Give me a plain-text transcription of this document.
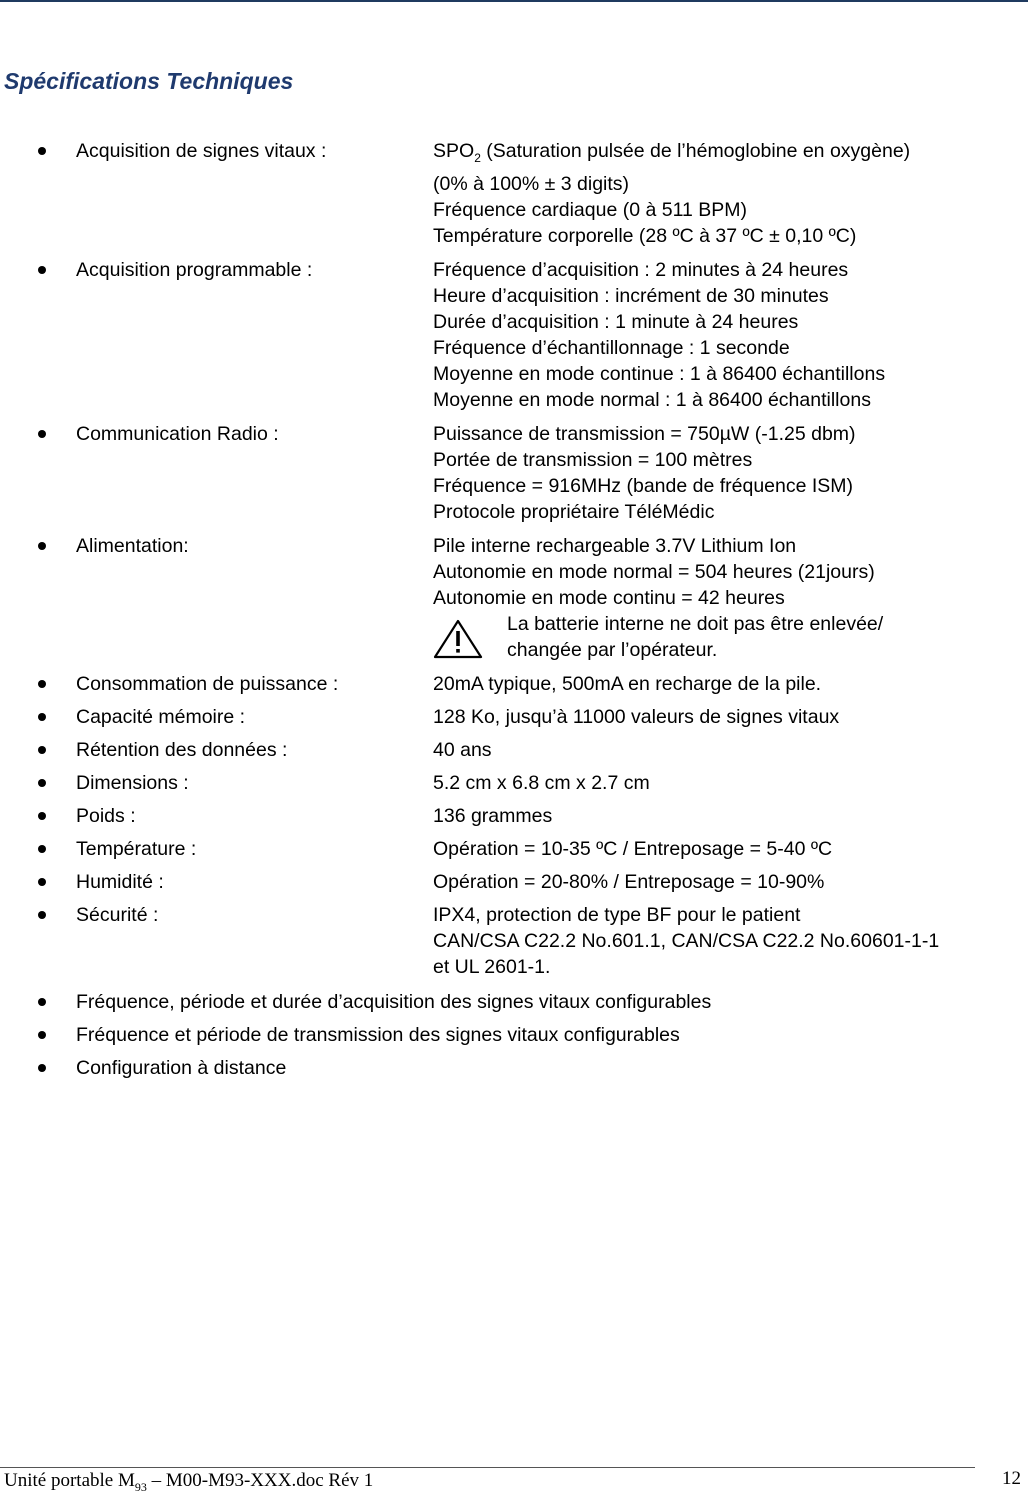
Spécifications Techniques
Acquisition de signes vitaux :	$SPO_2$ (Saturation pulsée de l’hémoglobine en oxygène)
(0% à 100% ± 3 digits)
Fréquence cardiaque (0 à 511 BPM)
Température corporelle (28 ºC à 37 ºC ± 0,10 ºC)
Acquisition programmable :	Fréquence d’acquisition : 2 minutes à 24 heures
Heure d’acquisition : incrément de 30 minutes
Durée d’acquisition : 1 minute à 24 heures
Fréquence d’échantillonnage : 1 seconde
Moyenne en mode continue : 1 à 86400 échantillons
Moyenne en mode normal : 1 à 86400 échantillons
Communication Radio :	Puissance de transmission = 750µW (-1.25 dbm)
Portée de transmission = 100 mètres
Fréquence = 916MHz (bande de fréquence ISM)
Protocole propriétaire TéléMédic
Alimentation:	Pile interne rechargeable 3.7V Lithium Ion
Autonomie en mode normal = 504 heures (21jours)
Autonomie en mode continu = 42 heures
La batterie interne ne doit pas être enlevée/
changée par l’opérateur.
Consommation de puissance :	20mA typique, 500mA en recharge de la pile.
Capacité mémoire :	128 Ko, jusqu’à 11000 valeurs de signes vitaux
Rétention des données :	40 ans
Dimensions :	5.2 cm x 6.8 cm x 2.7 cm
Poids :	136 grammes
Température :	Opération = 10-35 ºC / Entreposage = 5-40 ºC
Humidité :	Opération = 20-80% / Entreposage = 10-90%
Sécurité :	IPX4, protection de type BF pour le patient
CAN/CSA C22.2 No.601.1, CAN/CSA C22.2 No.60601-1-1
et UL 2601-1.
Fréquence, période et durée d’acquisition des signes vitaux configurables
Fréquence et période de transmission des signes vitaux configurables
Configuration à distance
Unité portable $M_{93} - M00-M93-XXX.doc$ Rév 1	12
